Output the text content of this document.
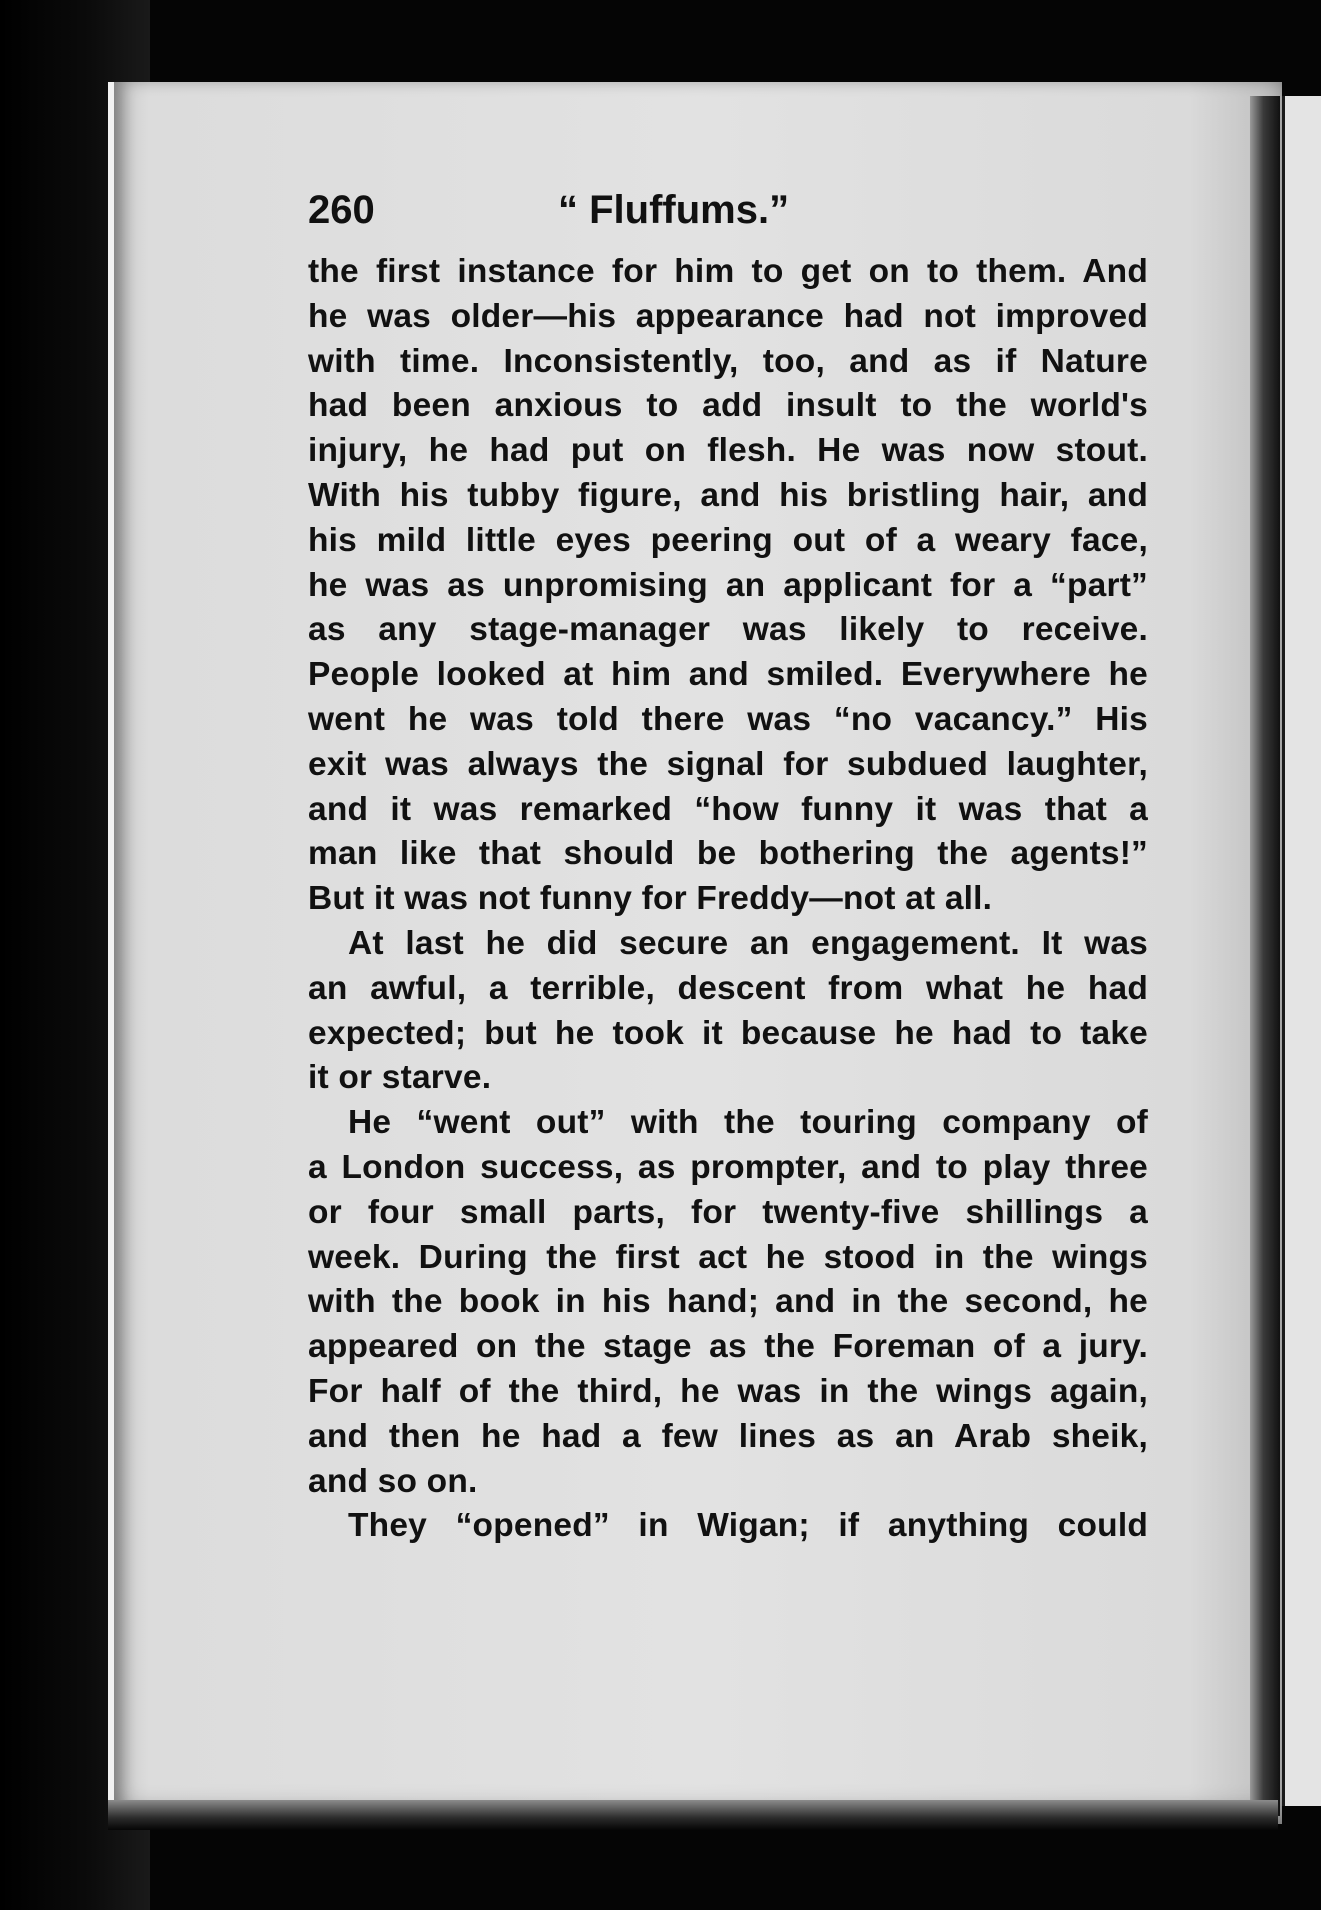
260	“ Fluffums.”
the first instance for him to get on to them. And
he was older—his appearance had not improved
with time. Inconsistently, too, and as if Nature
had been anxious to add insult to the world's
injury, he had put on flesh. He was now stout.
With his tubby figure, and his bristling hair, and
his mild little eyes peering out of a weary face,
he was as unpromising an applicant for a “part”
as any stage-manager was likely to receive.
People looked at him and smiled. Everywhere he
went he was told there was “no vacancy.” His
exit was always the signal for subdued laughter,
and it was remarked “how funny it was that a
man like that should be bothering the agents!”
But it was not funny for Freddy—not at all.
At last he did secure an engagement. It was
an awful, a terrible, descent from what he had
expected; but he took it because he had to take
it or starve.
He “went out” with the touring company of
a London success, as prompter, and to play three
or four small parts, for twenty-five shillings a
week. During the first act he stood in the wings
with the book in his hand; and in the second, he
appeared on the stage as the Foreman of a jury.
For half of the third, he was in the wings again,
and then he had a few lines as an Arab sheik,
and so on.
They “opened” in Wigan; if anything could
